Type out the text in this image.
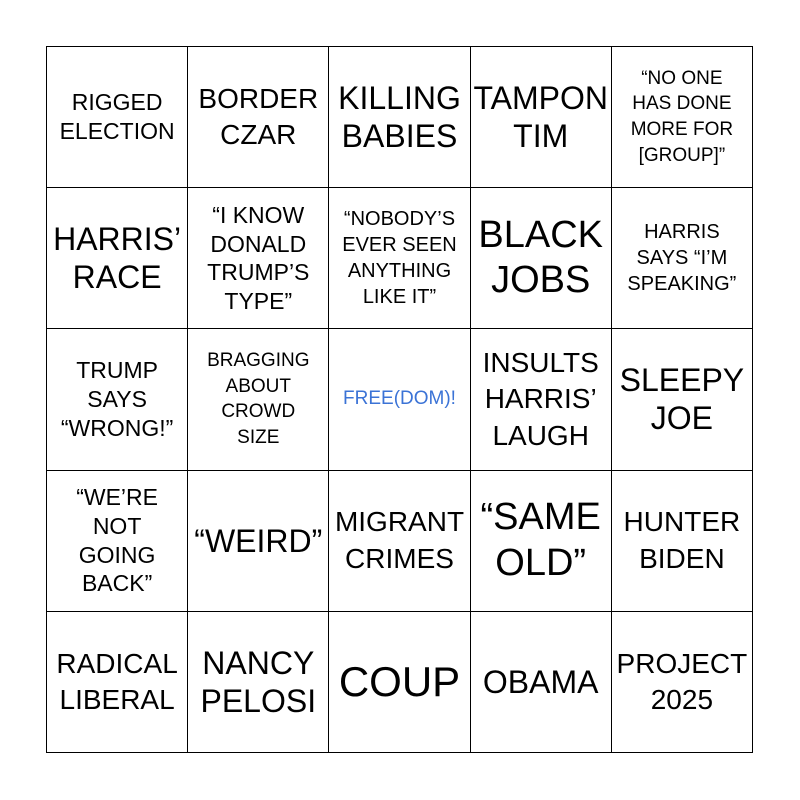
RIGGED
ELECTION
BORDER
CZAR
KILLING
BABIES
TAMPON
TIM
“NO ONE
HAS DONE
MORE FOR
[GROUP]”
HARRIS’
RACE
“I KNOW
DONALD
TRUMP’S
TYPE”
“NOBODY’S
EVER SEEN
ANYTHING
LIKE IT”
BLACK
JOBS
HARRIS
SAYS “I’M
SPEAKING”
TRUMP
SAYS
“WRONG!”
BRAGGING
ABOUT
CROWD
SIZE
FREE(DOM)!
INSULTS
HARRIS’
LAUGH
SLEEPY
JOE
“WE’RE
NOT
GOING
BACK”
“WEIRD”
MIGRANT
CRIMES
“SAME
OLD”
HUNTER
BIDEN
RADICAL
LIBERAL
NANCY
PELOSI COUP OBAMA
PROJECT
2025
